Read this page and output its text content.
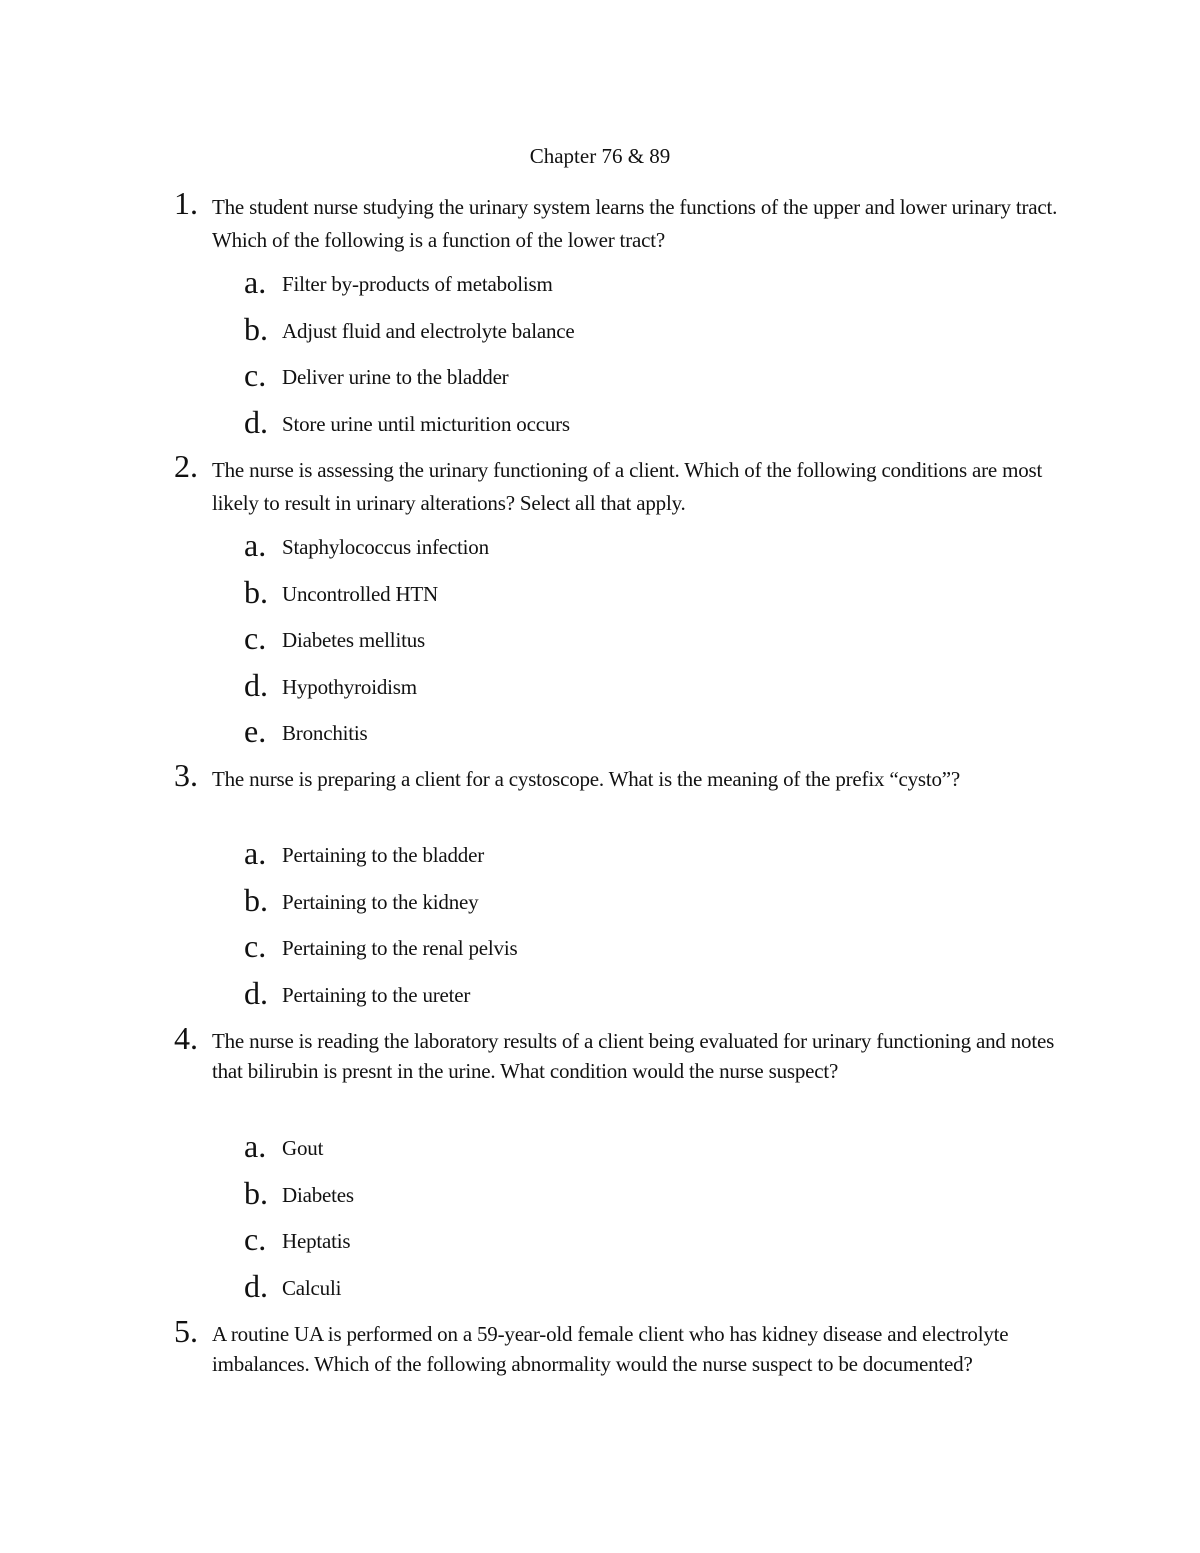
Chapter 76 & 89
1. The student nurse studying the urinary system learns the functions of the upper and lower urinary tract. Which of the following is a function of the lower tract?
a. Filter by-products of metabolism
b. Adjust fluid and electrolyte balance
c. Deliver urine to the bladder
d. Store urine until micturition occurs
2. The nurse is assessing the urinary functioning of a client. Which of the following conditions are most likely to result in urinary alterations? Select all that apply.
a. Staphylococcus infection
b. Uncontrolled HTN
c. Diabetes mellitus
d. Hypothyroidism
e. Bronchitis
3. The nurse is preparing a client for a cystoscope. What is the meaning of the prefix “cysto”?
a. Pertaining to the bladder
b. Pertaining to the kidney
c. Pertaining to the renal pelvis
d. Pertaining to the ureter
4. The nurse is reading the laboratory results of a client being evaluated for urinary functioning and notes that bilirubin is presnt in the urine. What condition would the nurse suspect?
a. Gout
b. Diabetes
c. Heptatis
d. Calculi
5. A routine UA is performed on a 59-year-old female client who has kidney disease and electrolyte imbalances. Which of the following abnormality would the nurse suspect to be documented?
